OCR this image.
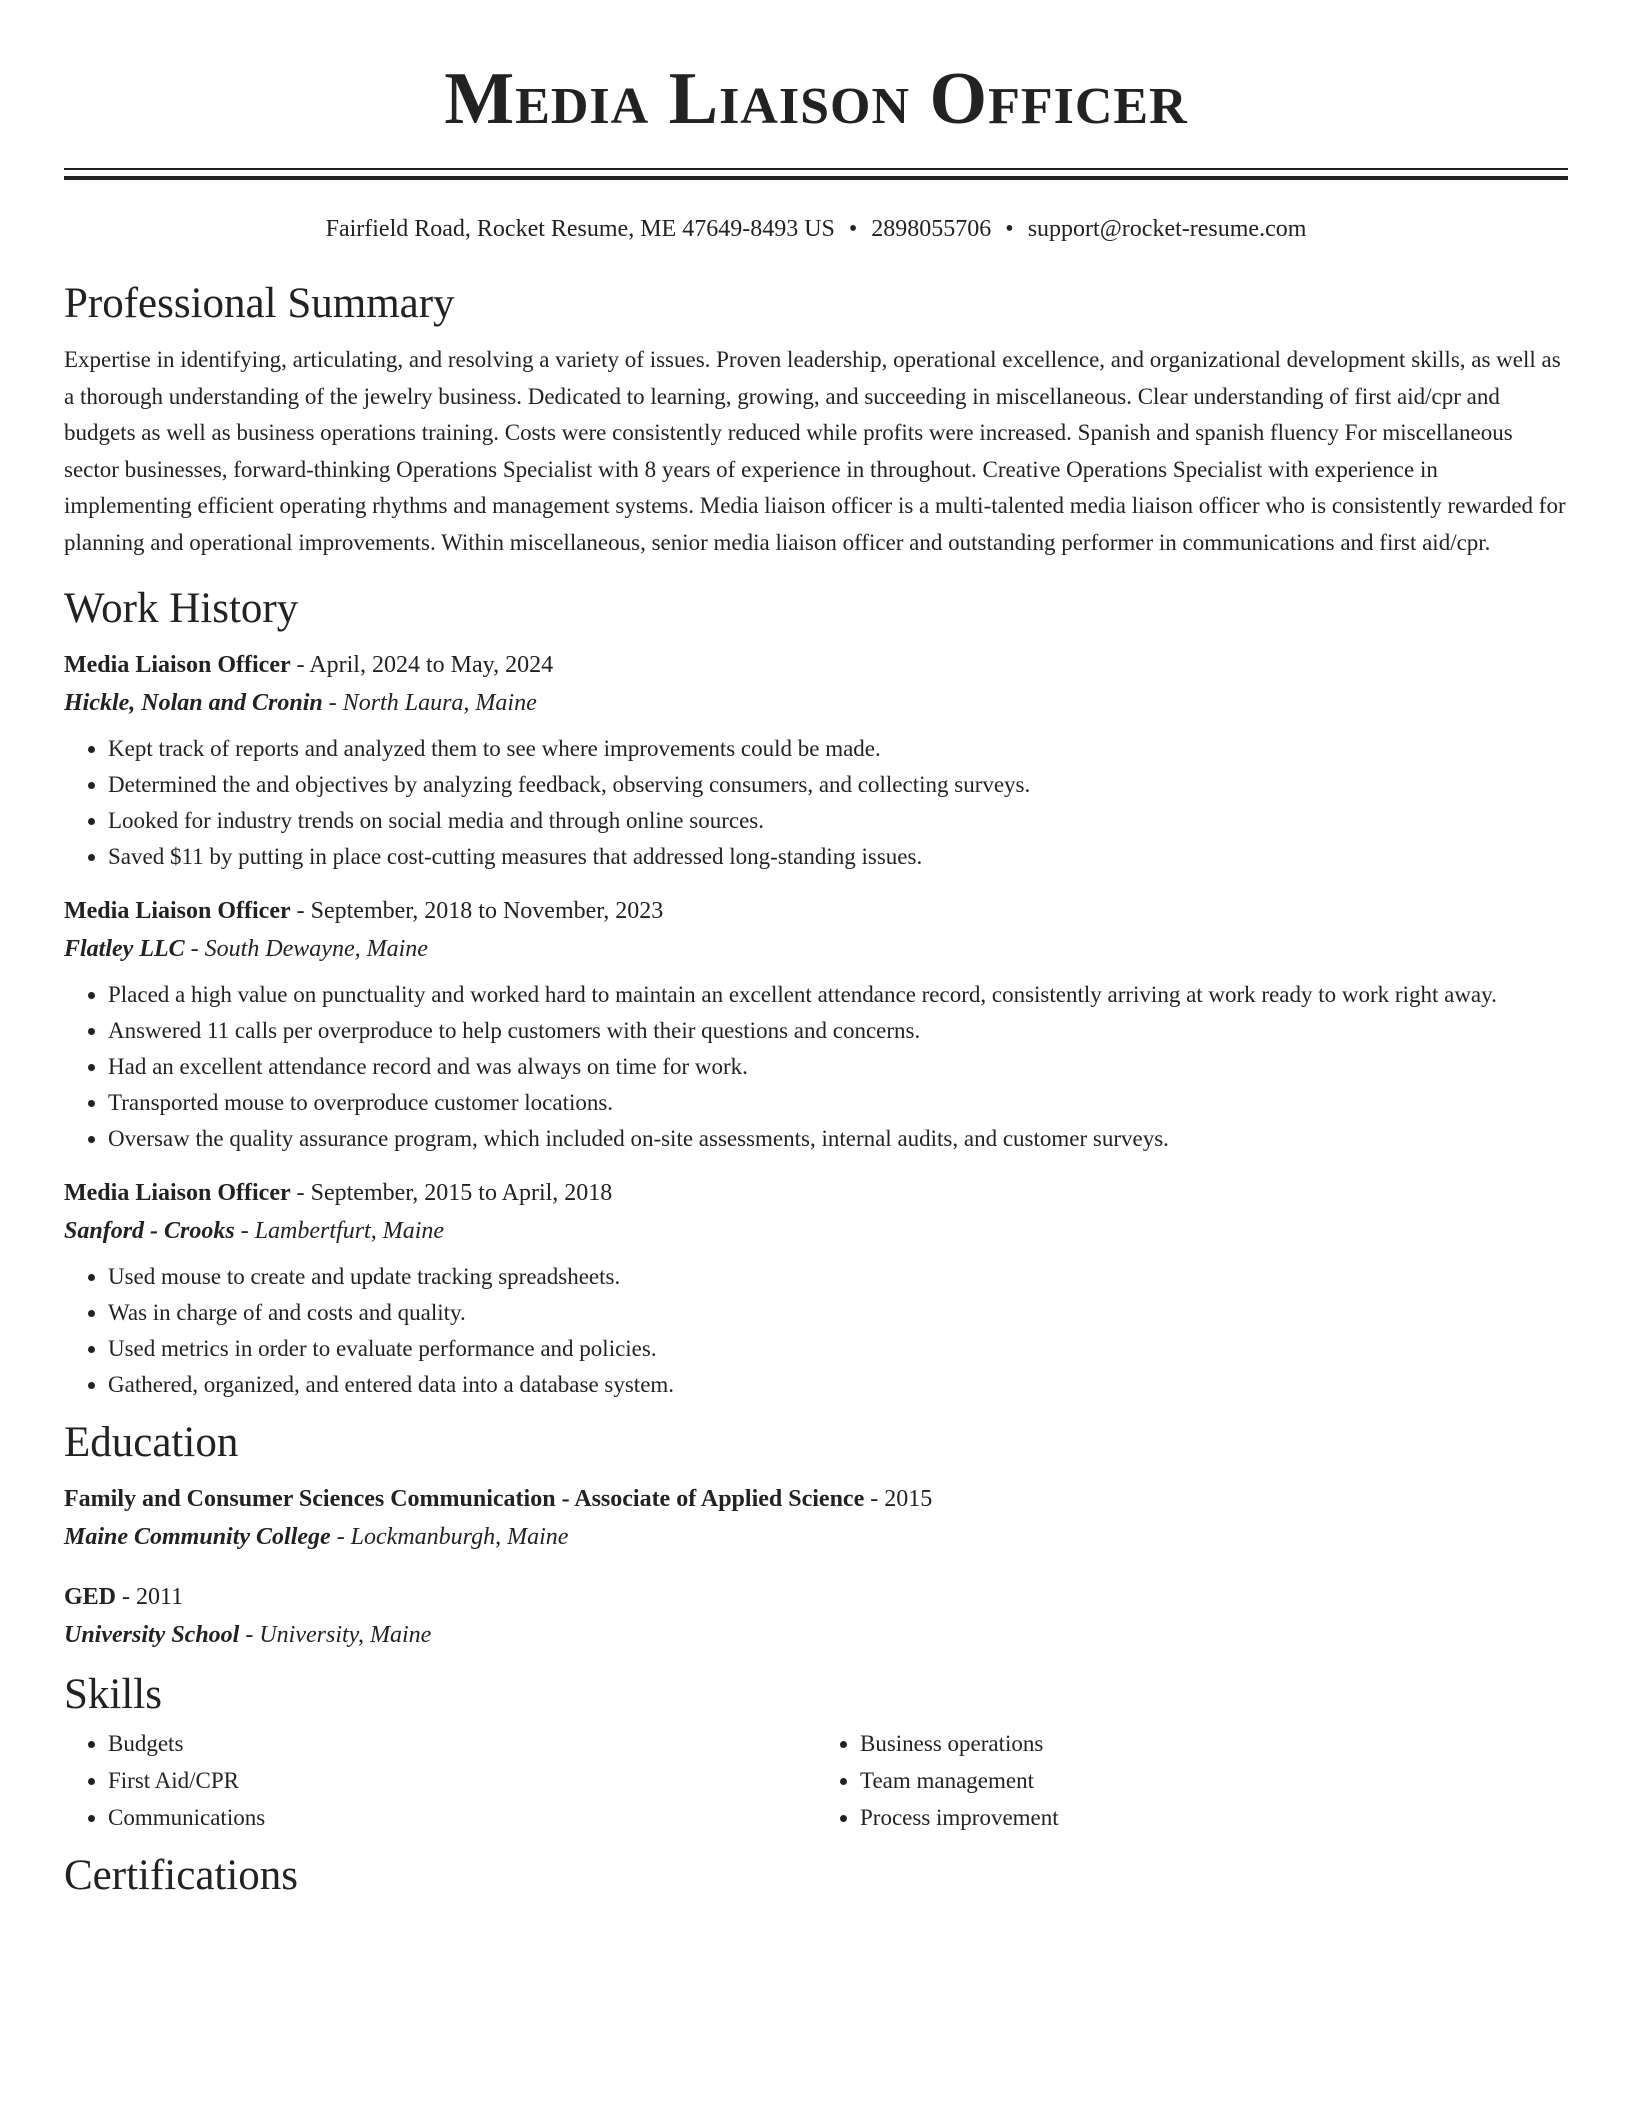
Media Liaison Officer
Fairfield Road, Rocket Resume, ME 47649-8493 US • 2898055706 • support@rocket-resume.com
Professional Summary

Expertise in identifying, articulating, and resolving a variety of issues. Proven leadership, operational excellence, and organizational development skills, as well as a thorough understanding of the jewelry business. Dedicated to learning, growing, and succeeding in miscellaneous. Clear understanding of first aid/cpr and budgets as well as business operations training. Costs were consistently reduced while profits were increased. Spanish and spanish fluency For miscellaneous sector businesses, forward-thinking Operations Specialist with 8 years of experience in throughout. Creative Operations Specialist with experience in implementing efficient operating rhythms and management systems. Media liaison officer is a multi-talented media liaison officer who is consistently rewarded for planning and operational improvements. Within miscellaneous, senior media liaison officer and outstanding performer in communications and first aid/cpr.

Work History
Media Liaison Officer - April, 2024 to May, 2024
Hickle, Nolan and Cronin - North Laura, Maine
• Kept track of reports and analyzed them to see where improvements could be made.
• Determined the and objectives by analyzing feedback, observing consumers, and collecting surveys.
• Looked for industry trends on social media and through online sources.
• Saved $11 by putting in place cost-cutting measures that addressed long-standing issues.
Media Liaison Officer - September, 2018 to November, 2023
Flatley LLC - South Dewayne, Maine
• Placed a high value on punctuality and worked hard to maintain an excellent attendance record, consistently arriving at work ready to work right away.
• Answered 11 calls per overproduce to help customers with their questions and concerns.
• Had an excellent attendance record and was always on time for work.
• Transported mouse to overproduce customer locations.
• Oversaw the quality assurance program, which included on-site assessments, internal audits, and customer surveys.
Media Liaison Officer - September, 2015 to April, 2018
Sanford - Crooks - Lambertfurt, Maine
• Used mouse to create and update tracking spreadsheets.
• Was in charge of and costs and quality.
• Used metrics in order to evaluate performance and policies.
• Gathered, organized, and entered data into a database system.
Education
Family and Consumer Sciences Communication - Associate of Applied Science - 2015
Maine Community College - Lockmanburgh, Maine
GED - 2011
University School - University, Maine
Skills
• Budgets
• First Aid/CPR
• Communications
• Business operations
• Team management
• Process improvement
Certifications
